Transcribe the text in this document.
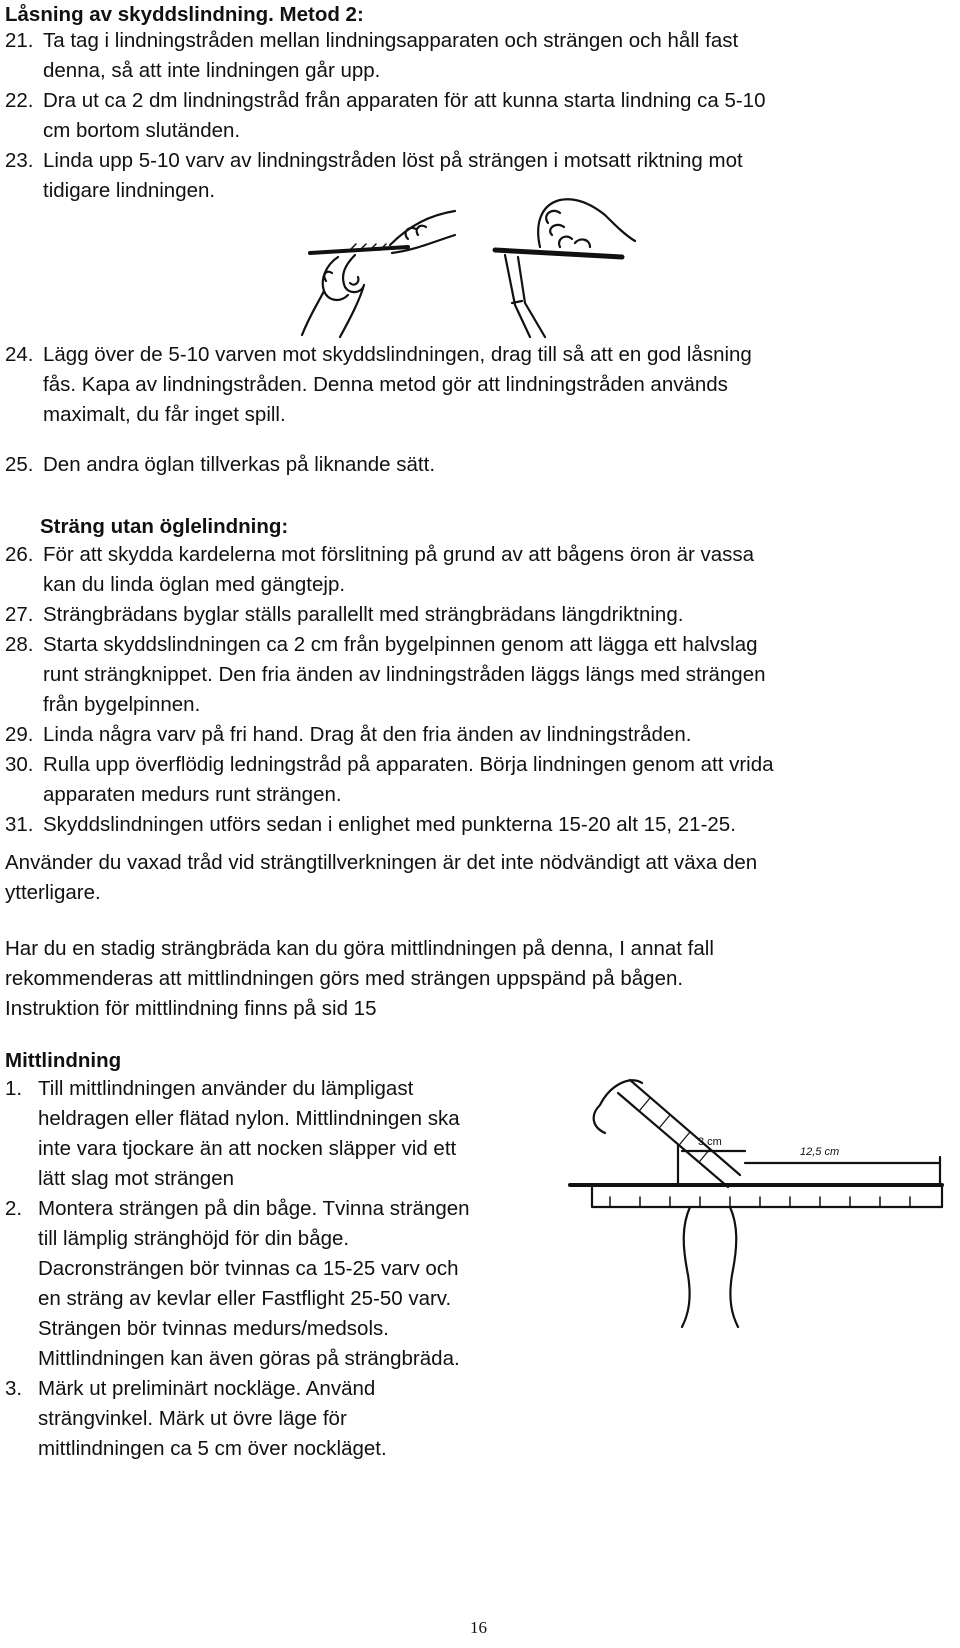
Låsning av skyddslindning. Metod 2:
21. Ta tag i lindningstråden mellan lindningsapparaten och strängen och håll fast
denna, så att inte lindningen går upp.
22. Dra ut ca 2 dm lindningstråd från apparaten för att kunna starta lindning ca 5-10
cm bortom slutänden.
23. Linda upp 5-10 varv av lindningstråden löst på strängen i motsatt riktning mot
tidigare lindningen.
24. Lägg över de 5-10 varven mot skyddslindningen, drag till så att en god låsning
fås. Kapa av lindningstråden. Denna metod gör att lindningstråden används
maximalt, du får inget spill.
25. Den andra öglan tillverkas på liknande sätt.
Sträng utan öglelindning:
26. För att skydda kardelerna mot förslitning på grund av att bågens öron är vassa
kan du linda öglan med gängtejp.
27. Strängbrädans byglar ställs parallellt med strängbrädans längdriktning.
28. Starta skyddslindningen ca 2 cm från bygelpinnen genom att lägga ett halvslag
runt strängknippet. Den fria änden av lindningstråden läggs längs med strängen
från bygelpinnen.
29. Linda några varv på fri hand. Drag åt den fria änden av lindningstråden.
30. Rulla upp överflödig ledningstråd på apparaten. Börja lindningen genom att vrida
apparaten medurs runt strängen.
31. Skyddslindningen utförs sedan i enlighet med punkterna 15-20 alt 15, 21-25.
Använder du vaxad tråd vid strängtillverkningen är det inte nödvändigt att växa den
ytterligare.
Har du en stadig strängbräda kan du göra mittlindningen på denna, I annat fall
rekommenderas att mittlindningen görs med strängen uppspänd på bågen.
Instruktion för mittlindning finns på sid 15
Mittlindning
1. Till mittlindningen använder du lämpligast
heldragen eller flätad nylon. Mittlindningen ska
inte vara tjockare än att nocken släpper vid ett
lätt slag mot strängen
2. Montera strängen på din båge. Tvinna strängen
till lämplig stränghöjd för din båge.
Dacronsträngen bör tvinnas ca 15-25 varv och
en sträng av kevlar eller Fastflight 25-50 varv.
Strängen bör tvinnas medurs/medsols.
Mittlindningen kan även göras på strängbräda.
3. Märk ut preliminärt nockläge. Använd
strängvinkel. Märk ut övre läge för
mittlindningen ca 5 cm över nockläget.
3 cm
12,5 cm
16
